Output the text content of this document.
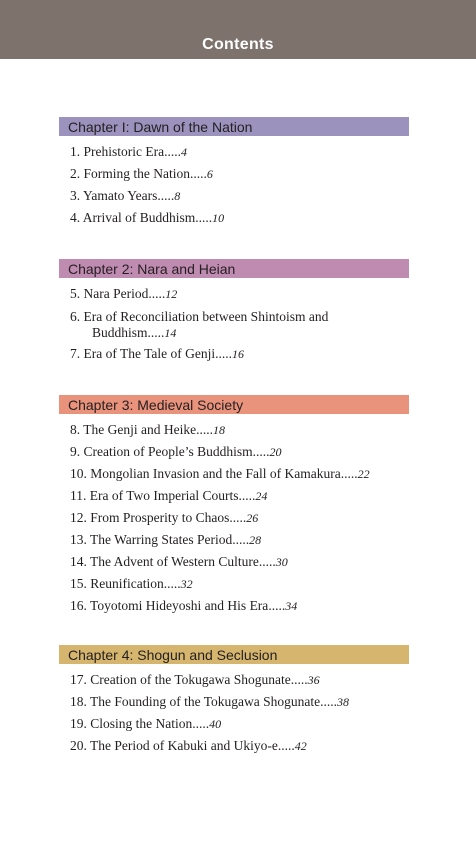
Contents
Chapter I: Dawn of the Nation
1. Prehistoric Era.....4
2. Forming the Nation.....6
3. Yamato Years.....8
4. Arrival of Buddhism.....10
Chapter 2: Nara and Heian
5. Nara Period.....12
6. Era of Reconciliation between Shintoism and Buddhism.....14
7. Era of The Tale of Genji.....16
Chapter 3: Medieval Society
8. The Genji and Heike.....18
9. Creation of People’s Buddhism.....20
10. Mongolian Invasion and the Fall of Kamakura.....22
11. Era of Two Imperial Courts.....24
12. From Prosperity to Chaos.....26
13. The Warring States Period.....28
14. The Advent of Western Culture.....30
15. Reunification.....32
16. Toyotomi Hideyoshi and His Era.....34
Chapter 4: Shogun and Seclusion
17. Creation of the Tokugawa Shogunate.....36
18. The Founding of the Tokugawa Shogunate.....38
19. Closing the Nation.....40
20. The Period of Kabuki and Ukiyo-e.....42
